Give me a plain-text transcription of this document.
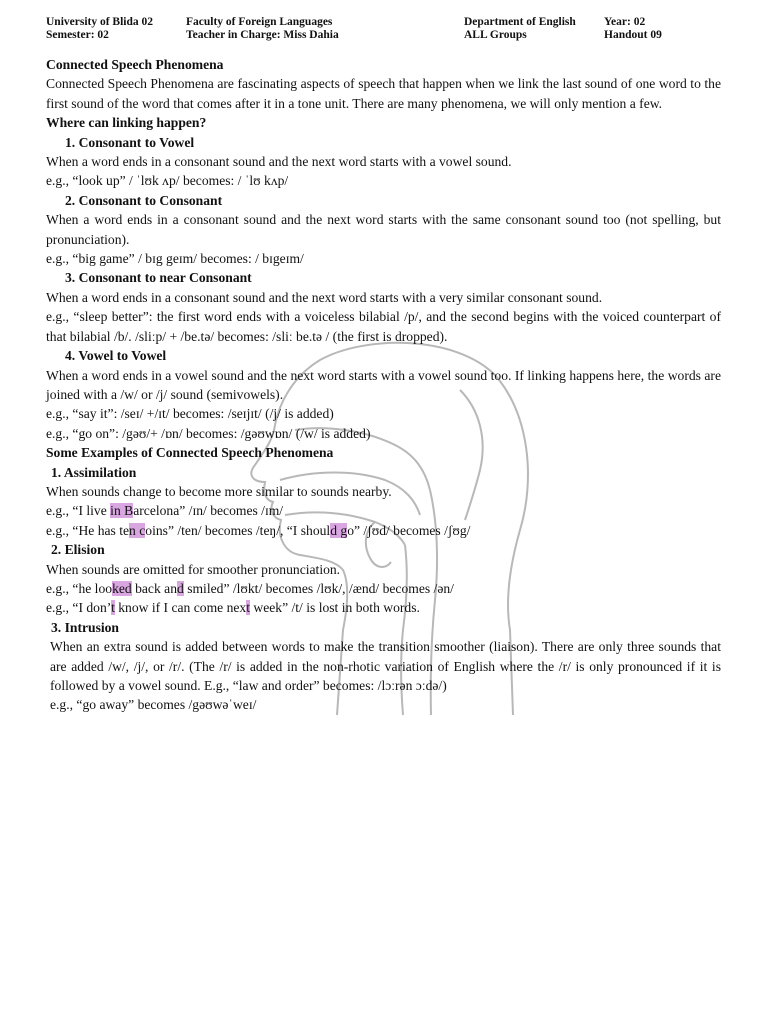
University of Blida 02
Semester: 02
Faculty of Foreign Languages
Teacher in Charge: Miss Dahia
Department of English
ALL Groups
Year: 02
Handout 09

Connected Speech Phenomena

Connected Speech Phenomena are fascinating aspects of speech that happen when we link the last sound of one word to the first sound of the word that comes after it in a tone unit. There are many phenomena, we will only mention a few.

Where can linking happen?

1. Consonant to Vowel

When a word ends in a consonant sound and the next word starts with a vowel sound.

e.g., “look up” / ˈlʊk ʌp/ becomes: / ˈlʊ kʌp/

2. Consonant to Consonant

When a word ends in a consonant sound and the next word starts with the same consonant sound too (not spelling, but pronunciation).

e.g., “big game” / bɪg geɪm/ becomes: / bɪgeɪm/

3. Consonant to near Consonant

When a word ends in a consonant sound and the next word starts with a very similar consonant sound.

e.g., “sleep better”: the first word ends with a voiceless bilabial /p/, and the second begins with the voiced counterpart of that bilabial /b/. /sliːp/ + /be.tə/ becomes: /sliː be.tə / (the first is dropped).

4. Vowel to Vowel

When a word ends in a vowel sound and the next word starts with a vowel sound too. If linking happens here, the words are joined with a /w/ or /j/ sound (semivowels).

e.g., “say it”: /seɪ/ +/ɪt/ becomes: /seɪjɪt/ (/j/ is added)

e.g., “go on”: /gəʊ/+ /ɒn/ becomes: /gəʊwɒn/ (/w/ is added)

Some Examples of Connected Speech Phenomena

1. Assimilation

When sounds change to become more similar to sounds nearby.

e.g., “I live in Barcelona” /ɪn/ becomes /ɪm/

e.g., “He has ten coins” /ten/ becomes /teŋ/, “I should go” /ʃʊd/ becomes /ʃʊg/

2. Elision

When sounds are omitted for smoother pronunciation.

e.g., “he looked back and smiled” /lʊkt/ becomes /lʊk/, /ænd/ becomes /ən/

e.g., “I don’t know if I can come next week” /t/ is lost in both words.

3. Intrusion

When an extra sound is added between words to make the transition smoother (liaison). There are only three sounds that are added /w/, /j/, or /r/. (The /r/ is added in the non-rhotic variation of English where the /r/ is only pronounced if it is followed by a vowel sound. E.g., “law and order” becomes: /lɔːrən ɔːdə/)

e.g., “go away” becomes /gəʊwəˈweɪ/
